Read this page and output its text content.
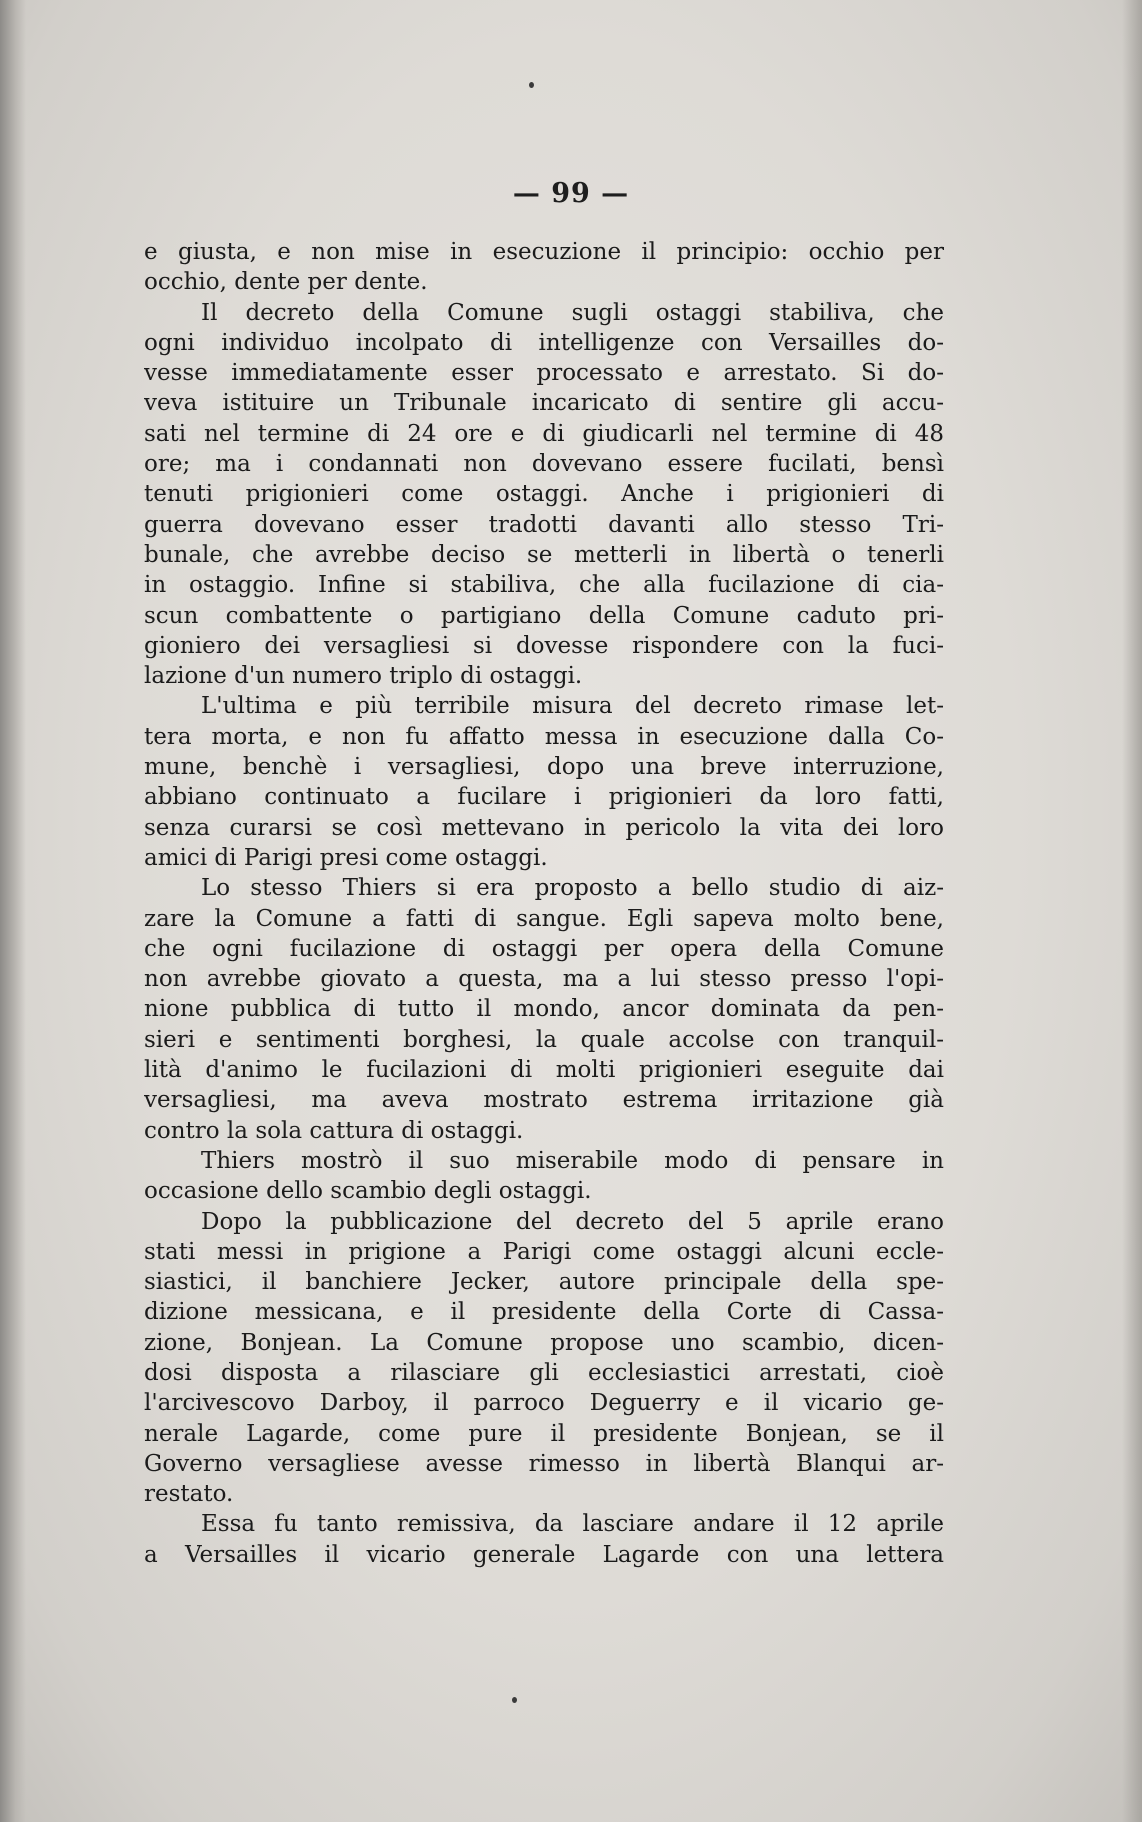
— 99 —
e giusta, e non mise in esecuzione il principio: occhio per
occhio, dente per dente.
Il decreto della Comune sugli ostaggi stabiliva, che
ogni individuo incolpato di intelligenze con Versailles do-
vesse immediatamente esser processato e arrestato. Si do-
veva istituire un Tribunale incaricato di sentire gli accu-
sati nel termine di 24 ore e di giudicarli nel termine di 48
ore; ma i condannati non dovevano essere fucilati, bensì
tenuti prigionieri come ostaggi. Anche i prigionieri di
guerra dovevano esser tradotti davanti allo stesso Tri-
bunale, che avrebbe deciso se metterli in libertà o tenerli
in ostaggio. Infine si stabiliva, che alla fucilazione di cia-
scun combattente o partigiano della Comune caduto pri-
gioniero dei versagliesi si dovesse rispondere con la fuci-
lazione d'un numero triplo di ostaggi.
L'ultima e più terribile misura del decreto rimase let-
tera morta, e non fu affatto messa in esecuzione dalla Co-
mune, benchè i versagliesi, dopo una breve interruzione,
abbiano continuato a fucilare i prigionieri da loro fatti,
senza curarsi se così mettevano in pericolo la vita dei loro
amici di Parigi presi come ostaggi.
Lo stesso Thiers si era proposto a bello studio di aiz-
zare la Comune a fatti di sangue. Egli sapeva molto bene,
che ogni fucilazione di ostaggi per opera della Comune
non avrebbe giovato a questa, ma a lui stesso presso l'opi-
nione pubblica di tutto il mondo, ancor dominata da pen-
sieri e sentimenti borghesi, la quale accolse con tranquil-
lità d'animo le fucilazioni di molti prigionieri eseguite dai
versagliesi, ma aveva mostrato estrema irritazione già
contro la sola cattura di ostaggi.
Thiers mostrò il suo miserabile modo di pensare in
occasione dello scambio degli ostaggi.
Dopo la pubblicazione del decreto del 5 aprile erano
stati messi in prigione a Parigi come ostaggi alcuni eccle-
siastici, il banchiere Jecker, autore principale della spe-
dizione messicana, e il presidente della Corte di Cassa-
zione, Bonjean. La Comune propose uno scambio, dicen-
dosi disposta a rilasciare gli ecclesiastici arrestati, cioè
l'arcivescovo Darboy, il parroco Deguerry e il vicario ge-
nerale Lagarde, come pure il presidente Bonjean, se il
Governo versagliese avesse rimesso in libertà Blanqui ar-
restato.
Essa fu tanto remissiva, da lasciare andare il 12 aprile
a Versailles il vicario generale Lagarde con una lettera
